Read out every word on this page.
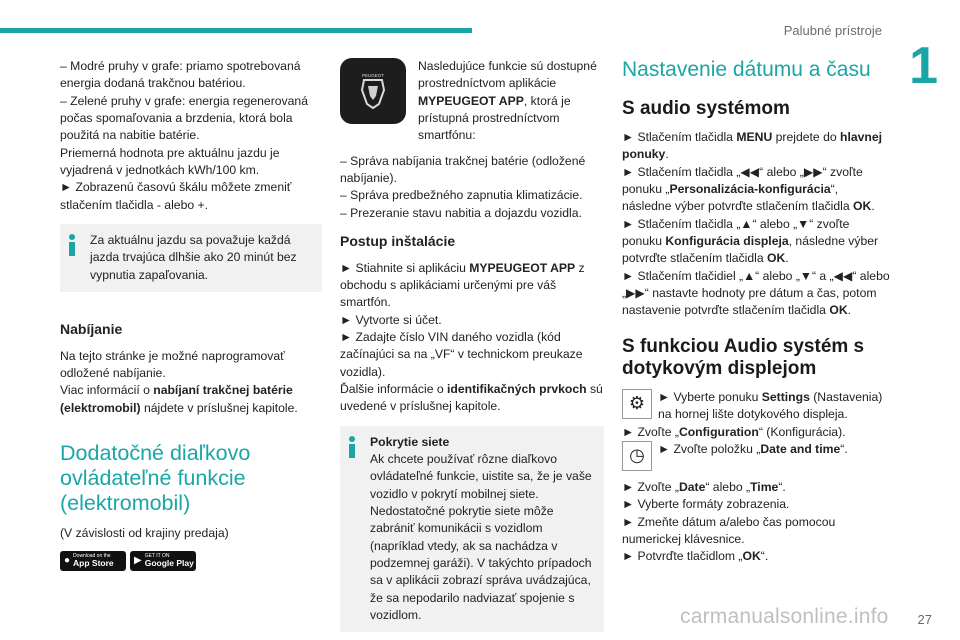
Palubné prístroje
1

– Modré pruhy v grafe: priamo spotrebovaná energia dodaná trakčnou batériou.

– Zelené pruhy v grafe: energia regenerovaná počas spomaľovania a brzdenia, ktorá bola použitá na nabitie batérie.

Priemerná hodnota pre aktuálnu jazdu je vyjadrená v jednotkách kWh/100 km.

► Zobrazenú časovú škálu môžete zmeniť stlačením tlačidla - alebo +.

Za aktuálnu jazdu sa považuje každá jazda trvajúca dlhšie ako 20 minút bez vypnutia zapaľovania.

Nabíjanie

Na tejto stránke je možné naprogramovať odložené nabíjanie.

Viac informácií o nabíjaní trakčnej batérie (elektromobil) nájdete v príslušnej kapitole.

Dodatočné diaľkovo ovládateľné funkcie (elektromobil)

(V závislosti od krajiny predaja)

● Download on the
App Store ▶ GET IT ON
Google Play
PEUGEOT

Nasledujúce funkcie sú dostupné prostredníctvom aplikácie MYPEUGEOT APP, ktorá je prístupná prostredníctvom smartfónu:

– Správa nabíjania trakčnej batérie (odložené nabíjanie).

– Správa predbežného zapnutia klimatizácie.

– Prezeranie stavu nabitia a dojazdu vozidla.

Postup inštalácie

► Stiahnite si aplikáciu MYPEUGEOT APP z obchodu s aplikáciami určenými pre váš smartfón.

► Vytvorte si účet.

► Zadajte číslo VIN daného vozidla (kód začínajúci sa na „VF“ v technickom preukaze vozidla).

Ďalšie informácie o identifikačných prvkoch sú uvedené v príslušnej kapitole.

Pokrytie siete

Ak chcete používať rôzne diaľkovo ovládateľné funkcie, uistite sa, že je vaše vozidlo v pokrytí mobilnej siete. Nedostatočné pokrytie siete môže zabrániť komunikácii s vozidlom (napríklad vtedy, ak sa nachádza v podzemnej garáži). V takýchto prípadoch sa v aplikácii zobrazí správa uvádzajúca, že sa nepodarilo nadviazať spojenie s vozidlom.

Nastavenie dátumu a času
S audio systémom

► Stlačením tlačidla MENU prejdete do hlavnej ponuky.

► Stlačením tlačidla „◀◀“ alebo „▶▶“ zvoľte ponuku „Personalizácia-konfigurácia“, následne výber potvrďte stlačením tlačidla OK.

► Stlačením tlačidla „▲“ alebo „▼“ zvoľte ponuku Konfigurácia displeja, následne výber potvrďte stlačením tlačidla OK.

► Stlačením tlačidiel „▲“ alebo „▼“ a „◀◀“ alebo „▶▶“ nastavte hodnoty pre dátum a čas, potom nastavenie potvrďte stlačením tlačidla OK.

S funkciou Audio systém s dotykovým displejom
⚙	► Vyberte ponuku Settings (Nastavenia) na hornej lište dotykového displeja.

► Zvoľte „Configuration“ (Konfigurácia).

◷	► Zvoľte položku „Date and time“.

► Zvoľte „Date“ alebo „Time“.

► Vyberte formáty zobrazenia.

► Zmeňte dátum a/alebo čas pomocou numerickej klávesnice.

► Potvrďte tlačidlom „OK“.

carmanualsonline.info 27
